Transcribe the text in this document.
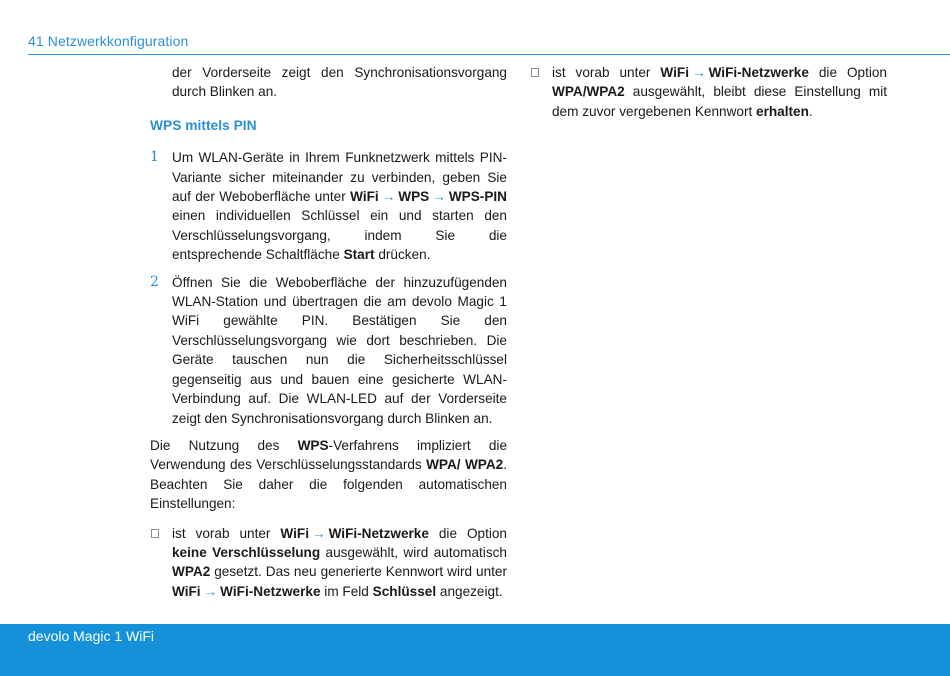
41 Netzwerkkonfiguration

der Vorderseite zeigt den Synchronisationsvorgang durch Blinken an.

WPS mittels PIN

1 Um WLAN-Geräte in Ihrem Funknetzwerk mittels PIN-Variante sicher miteinander zu verbinden, geben Sie auf der Weboberfläche unter WiFi → WPS → WPS-PIN einen individuellen Schlüssel ein und starten den Verschlüsselungsvorgang, indem Sie die entsprechende Schaltfläche Start drücken.

2 Öffnen Sie die Weboberfläche der hinzuzufügenden WLAN-Station und übertragen die am devolo Magic 1 WiFi gewählte PIN. Bestätigen Sie den Verschlüsselungsvorgang wie dort beschrieben. Die Geräte tauschen nun die Sicherheitsschlüssel gegenseitig aus und bauen eine gesicherte WLAN-Verbindung auf. Die WLAN-LED auf der Vorderseite zeigt den Synchronisationsvorgang durch Blinken an.

Die Nutzung des WPS-Verfahrens impliziert die Verwendung des Verschlüsselungsstandards WPA/ WPA2. Beachten Sie daher die folgenden automatischen Einstellungen:

ist vorab unter WiFi → WiFi-Netzwerke die Option keine Verschlüsselung ausgewählt, wird automatisch WPA2 gesetzt. Das neu generierte Kennwort wird unter WiFi → WiFi-Netzwerke im Feld Schlüssel angezeigt.

ist vorab unter WiFi → WiFi-Netzwerke die Option WPA/WPA2 ausgewählt, bleibt diese Einstellung mit dem zuvor vergebenen Kennwort erhalten.

devolo Magic 1 WiFi
